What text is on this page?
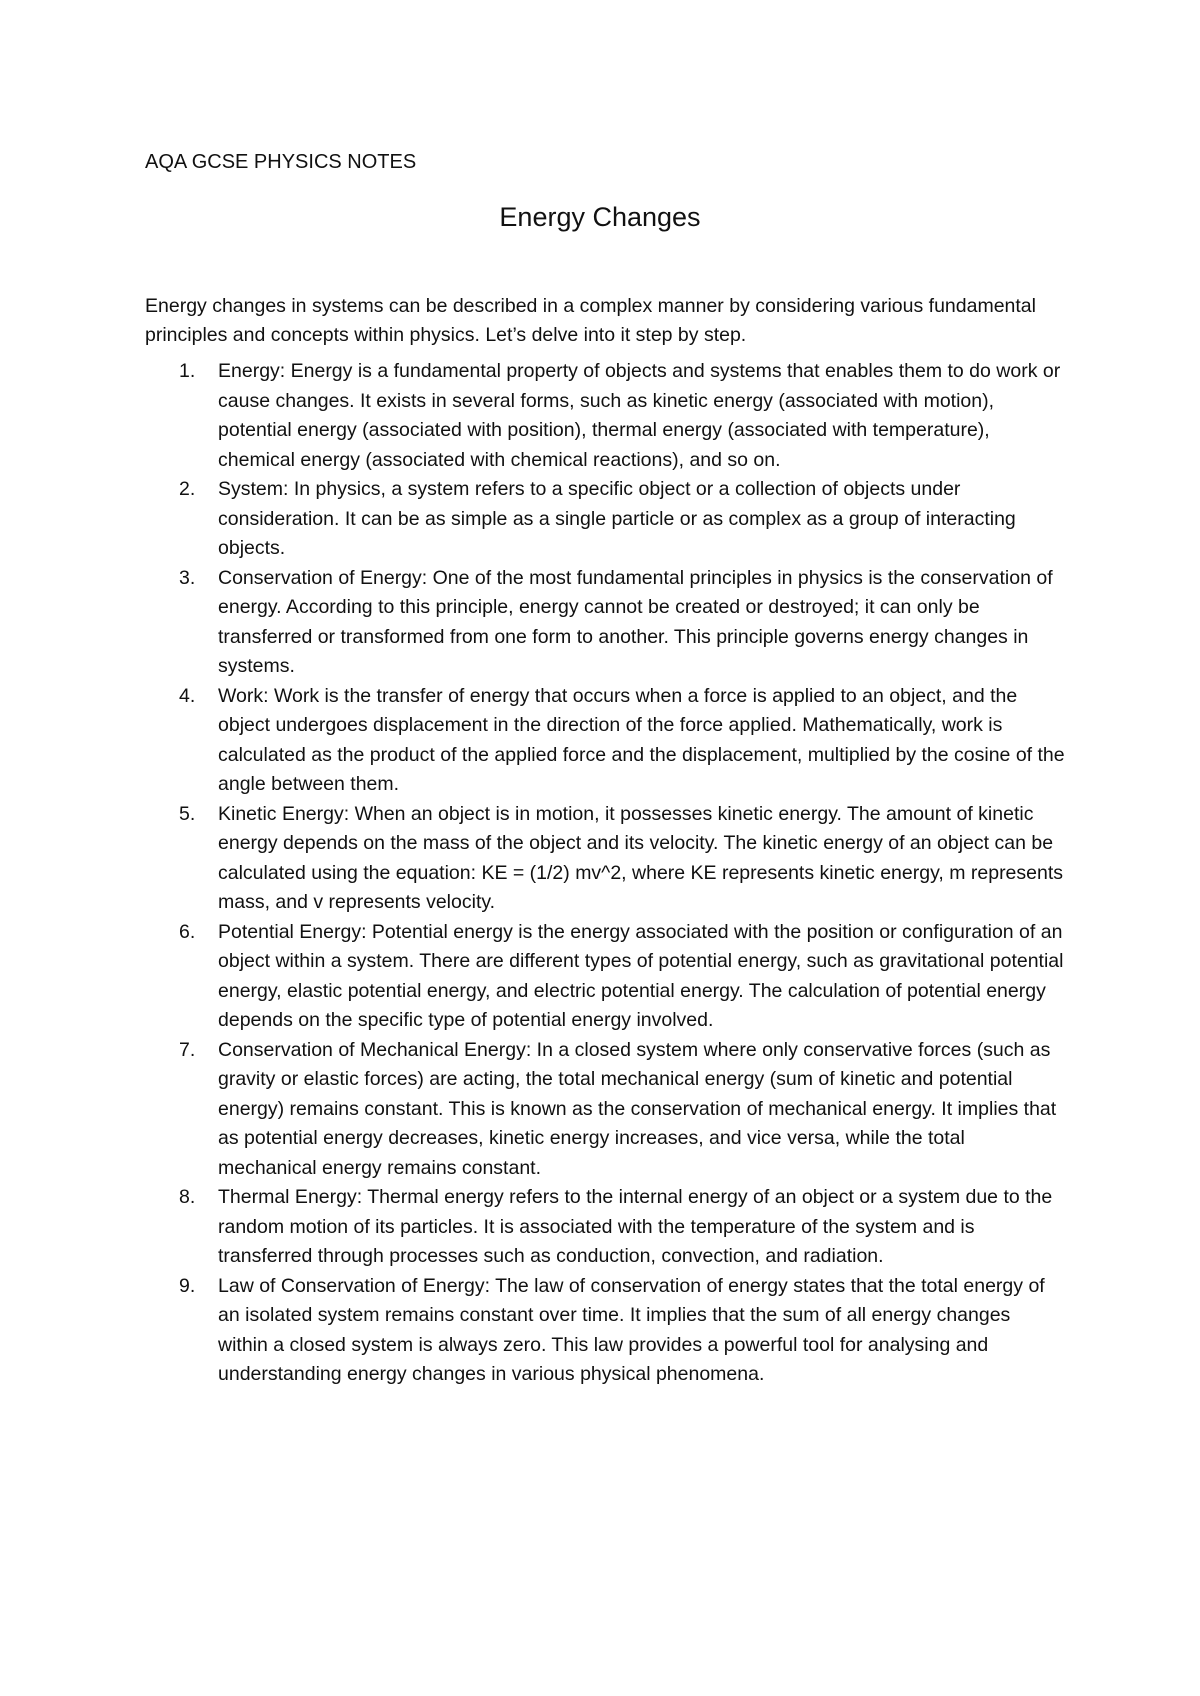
AQA GCSE PHYSICS NOTES
Energy Changes

Energy changes in systems can be described in a complex manner by considering various fundamental principles and concepts within physics. Let’s delve into it step by step.

1.	Energy: Energy is a fundamental property of objects and systems that enables them to do work or cause changes. It exists in several forms, such as kinetic energy (associated with motion), potential energy (associated with position), thermal energy (associated with temperature), chemical energy (associated with chemical reactions), and so on.
2.	System: In physics, a system refers to a specific object or a collection of objects under consideration. It can be as simple as a single particle or as complex as a group of interacting objects.
3.	Conservation of Energy: One of the most fundamental principles in physics is the conservation of energy. According to this principle, energy cannot be created or destroyed; it can only be transferred or transformed from one form to another. This principle governs energy changes in systems.
4.	Work: Work is the transfer of energy that occurs when a force is applied to an object, and the object undergoes displacement in the direction of the force applied. Mathematically, work is calculated as the product of the applied force and the displacement, multiplied by the cosine of the angle between them.
5.	Kinetic Energy: When an object is in motion, it possesses kinetic energy. The amount of kinetic energy depends on the mass of the object and its velocity. The kinetic energy of an object can be calculated using the equation: KE = (1/2) mv^2, where KE represents kinetic energy, m represents mass, and v represents velocity.
6.	Potential Energy: Potential energy is the energy associated with the position or configuration of an object within a system. There are different types of potential energy, such as gravitational potential energy, elastic potential energy, and electric potential energy. The calculation of potential energy depends on the specific type of potential energy involved.
7.	Conservation of Mechanical Energy: In a closed system where only conservative forces (such as gravity or elastic forces) are acting, the total mechanical energy (sum of kinetic and potential energy) remains constant. This is known as the conservation of mechanical energy. It implies that as potential energy decreases, kinetic energy increases, and vice versa, while the total mechanical energy remains constant.
8.	Thermal Energy: Thermal energy refers to the internal energy of an object or a system due to the random motion of its particles. It is associated with the temperature of the system and is transferred through processes such as conduction, convection, and radiation.
9.	Law of Conservation of Energy: The law of conservation of energy states that the total energy of an isolated system remains constant over time. It implies that the sum of all energy changes within a closed system is always zero. This law provides a powerful tool for analysing and understanding energy changes in various physical phenomena.
